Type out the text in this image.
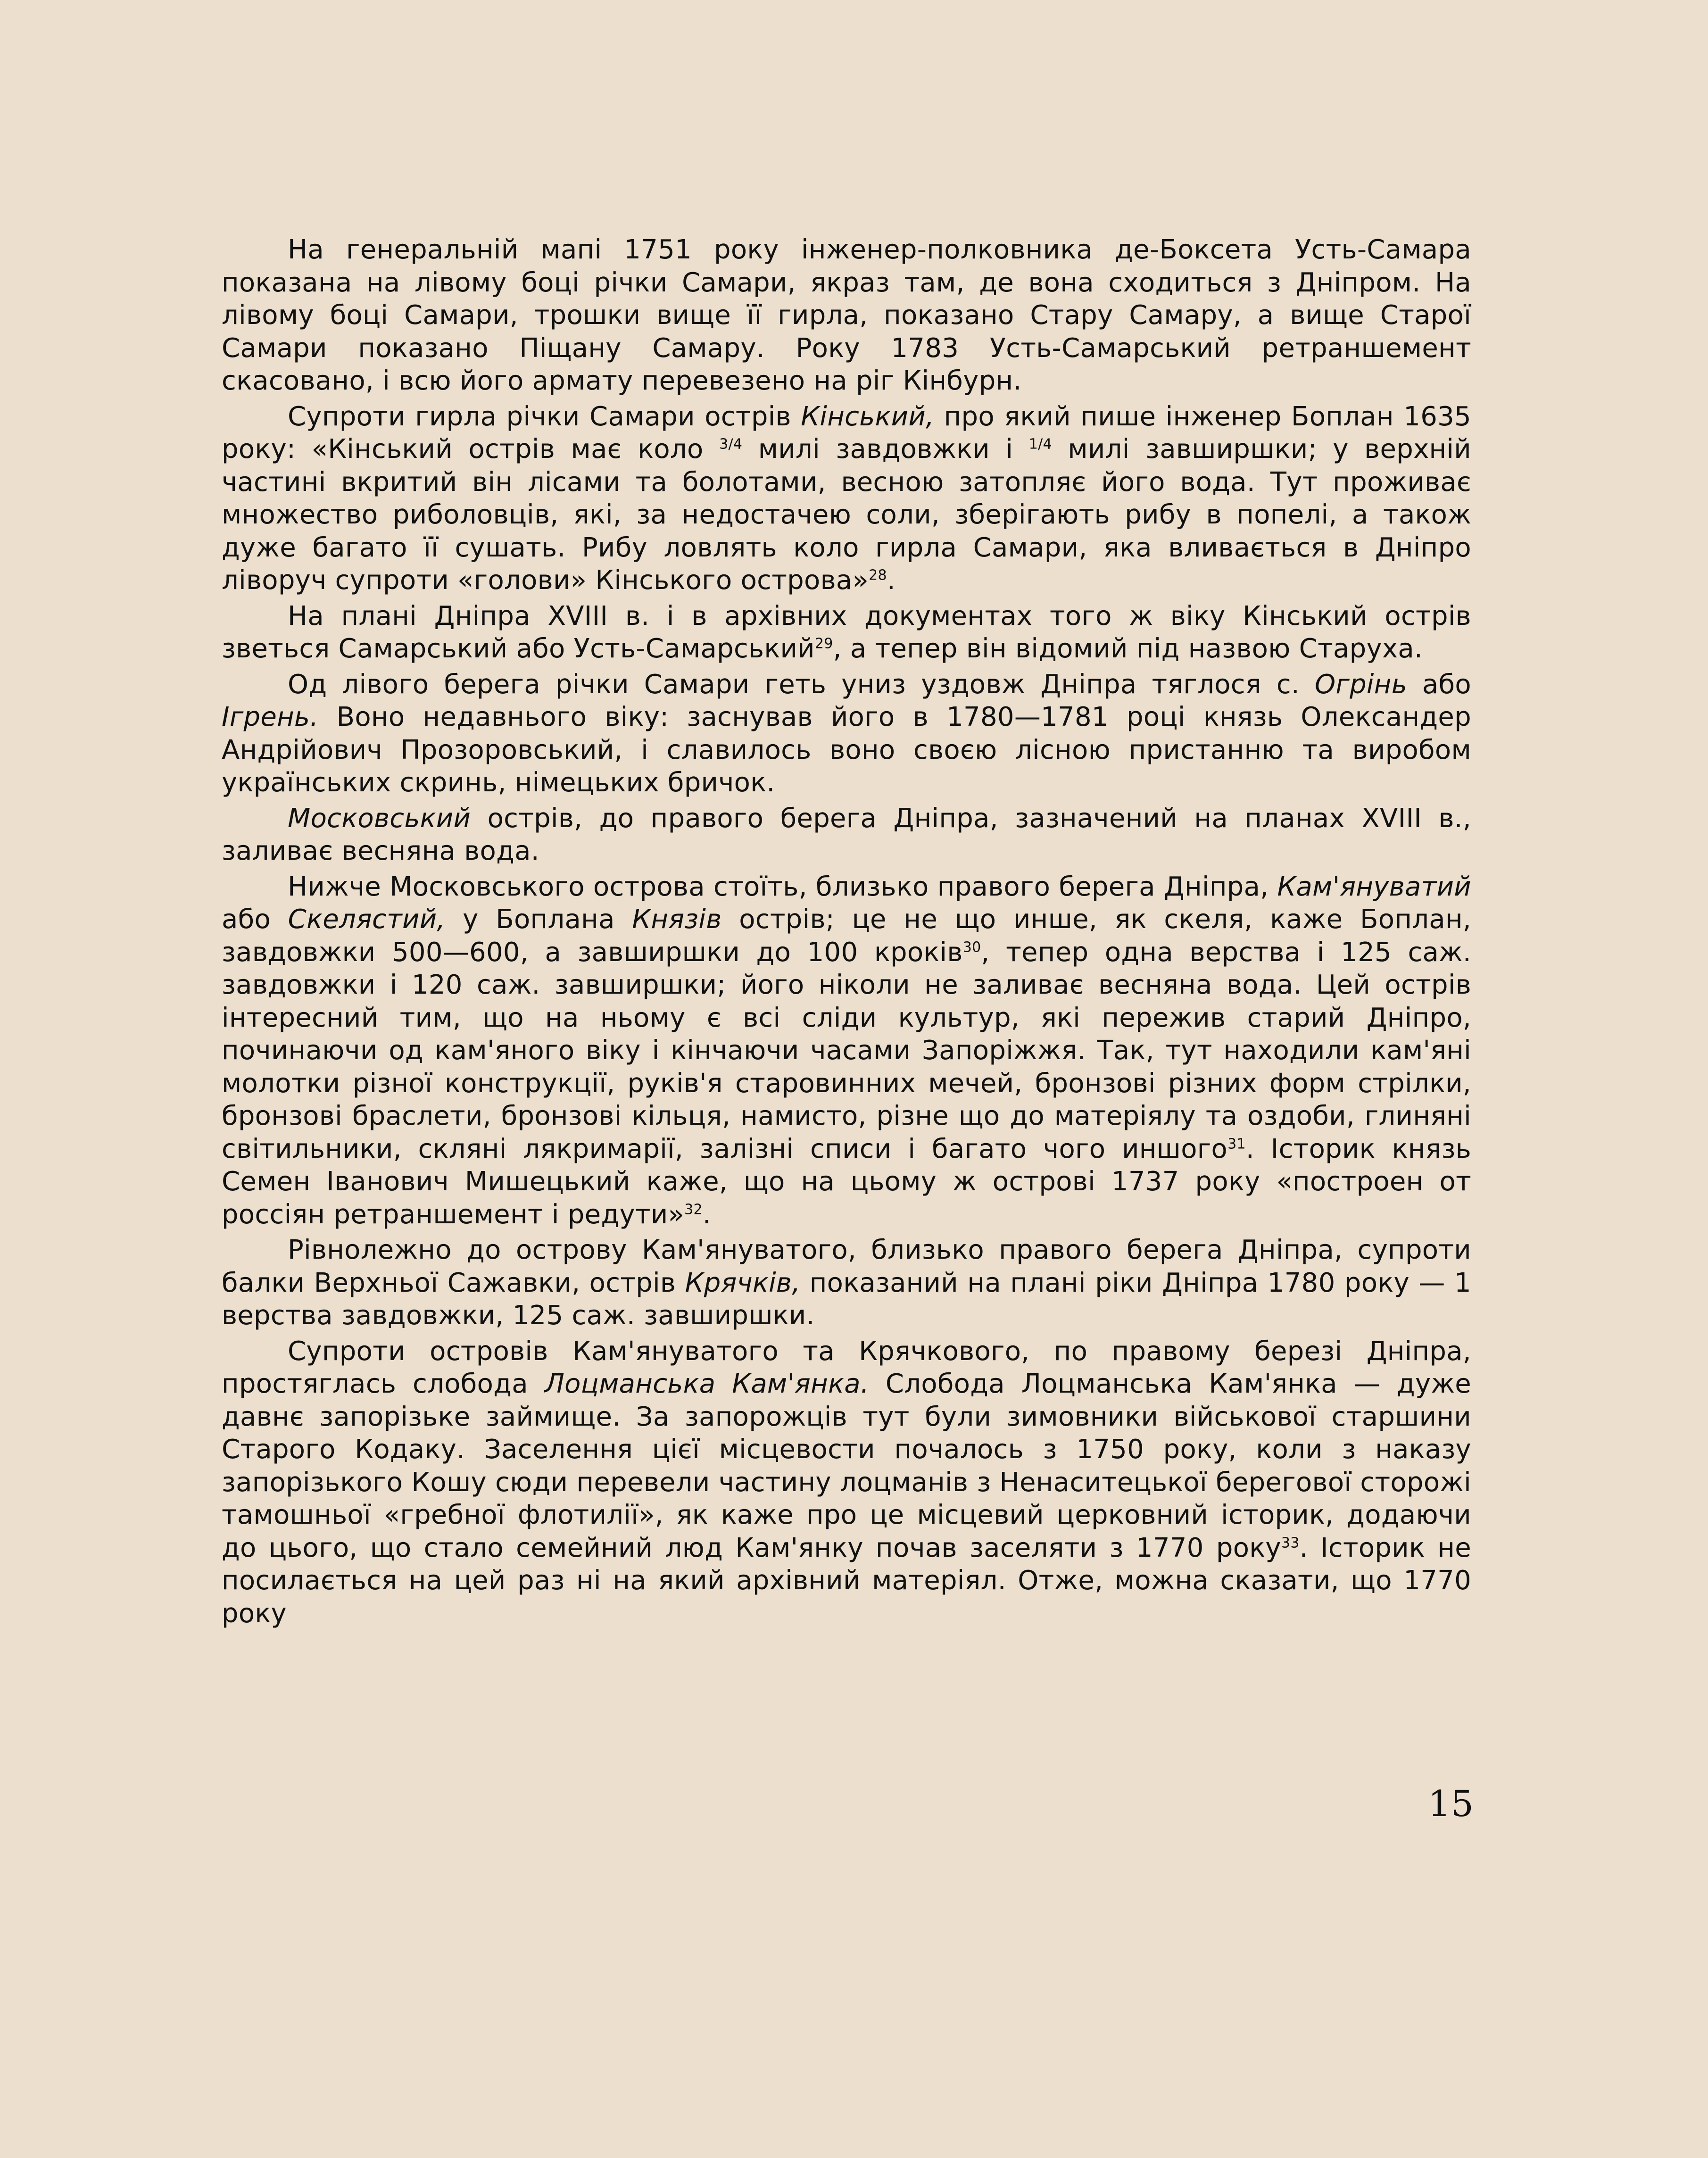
На генеральній мапі 1751 року інженер-полковника де-Боксета Усть-Самара показана на лівому боці річки Самари, якраз там, де вона сходиться з Дніпром. На лівому боці Самари, трошки вище її гирла, показано Стару Самару, а вище Старої Самари показано Піщану Самару. Року 1783 Усть-Самарський ретраншемент скасовано, і всю його армату перевезено на ріг Кінбурн.

Супроти гирла річки Самари острів Кінський, про який пише інженер Боплан 1635 року: «Кінський острів має коло $^{3/4}$ милі завдовжки і $^{1/4}$ милі завширшки; у верхній частині вкритий він лісами та болотами, весною затопляє його вода. Тут проживає множество риболовців, які, за недостачею соли, зберігають рибу в попелі, а також дуже багато її сушать. Рибу ловлять коло гирла Самари, яка вливається в Дніпро ліворуч супроти «голови» Кінського острова»$^{28}$.

На плані Дніпра XVIII в. і в архівних документах того ж віку Кінський острів зветься Самарський або Усть-Самарський$^{29}$, а тепер він відомий під назвою Стаpуха.

Од лівого берега річки Самари геть униз уздовж Дніпра тяглося с. Огрінь або Ігрень. Воно недавнього віку: заснував його в 1780—1781 році князь Олександер Андрійович Прозоровський, і славилось воно своєю лісною пристанню та виробом українських скринь, німецьких бричок.

Московський острів, до правого берега Дніпра, зазначений на планах XVIII в., заливає весняна вода.

Нижче Московського острова стоїть, близько правого берега Дніпра, Кам'януватий або Скелястий, у Боплана Князів острів; це не що инше, як скеля, каже Боплан, завдовжки 500—600, а завширшки до 100 кроків$^{30}$, тепер одна верства і 125 саж. завдовжки і 120 саж. завширшки; його ніколи не заливає весняна вода. Цей острів інтересний тим, що на ньому є всі сліди культур, які пережив старий Дніпро, починаючи од кам'яного віку і кінчаючи часами Запоріжжя. Так, тут находили кам'яні молотки різної конструкції, руків'я старовинних мечей, бронзові різних форм стрілки, бронзові браслети, бронзові кільця, намисто, різне що до матеріялу та оздоби, глиняні світильники, скляні лякримарії, залізні списи і багато чого иншого$^{31}$. Історик князь Семен Іванович Мишецький каже, що на цьому ж острові 1737 року «построен от россіян ретраншемент і редути»$^{32}$.

Рівнолежно до острову Кам'януватого, близько правого берега Дніпра, супроти балки Верхньої Сажавки, острів Крячків, показаний на плані ріки Дніпра 1780 року — 1 верства завдовжки, 125 саж. завширшки.

Супроти островів Кам'януватого та Крячкового, по правому березі Дніпра, простяглась слобода Лоцманська Кам'янка. Слобода Лоцманська Кам'янка — дуже давнє запорізьке займище. За запорожців тут були зимовники військової старшини Старого Кодаку. Заселення цієї місцевости почалось з 1750 року, коли з наказу запорізького Кошу сюди перевели частину лоцманів з Ненаситецької берегової сторожі тамошньої «гребної флотилії», як каже про це місцевий церковний історик, додаючи до цього, що стало семейний люд Кам'янку почав заселяти з 1770 року$^{33}$. Історик не посилається на цей раз ні на який архівний матеріял. Отже, можна сказати, що 1770 року

15
